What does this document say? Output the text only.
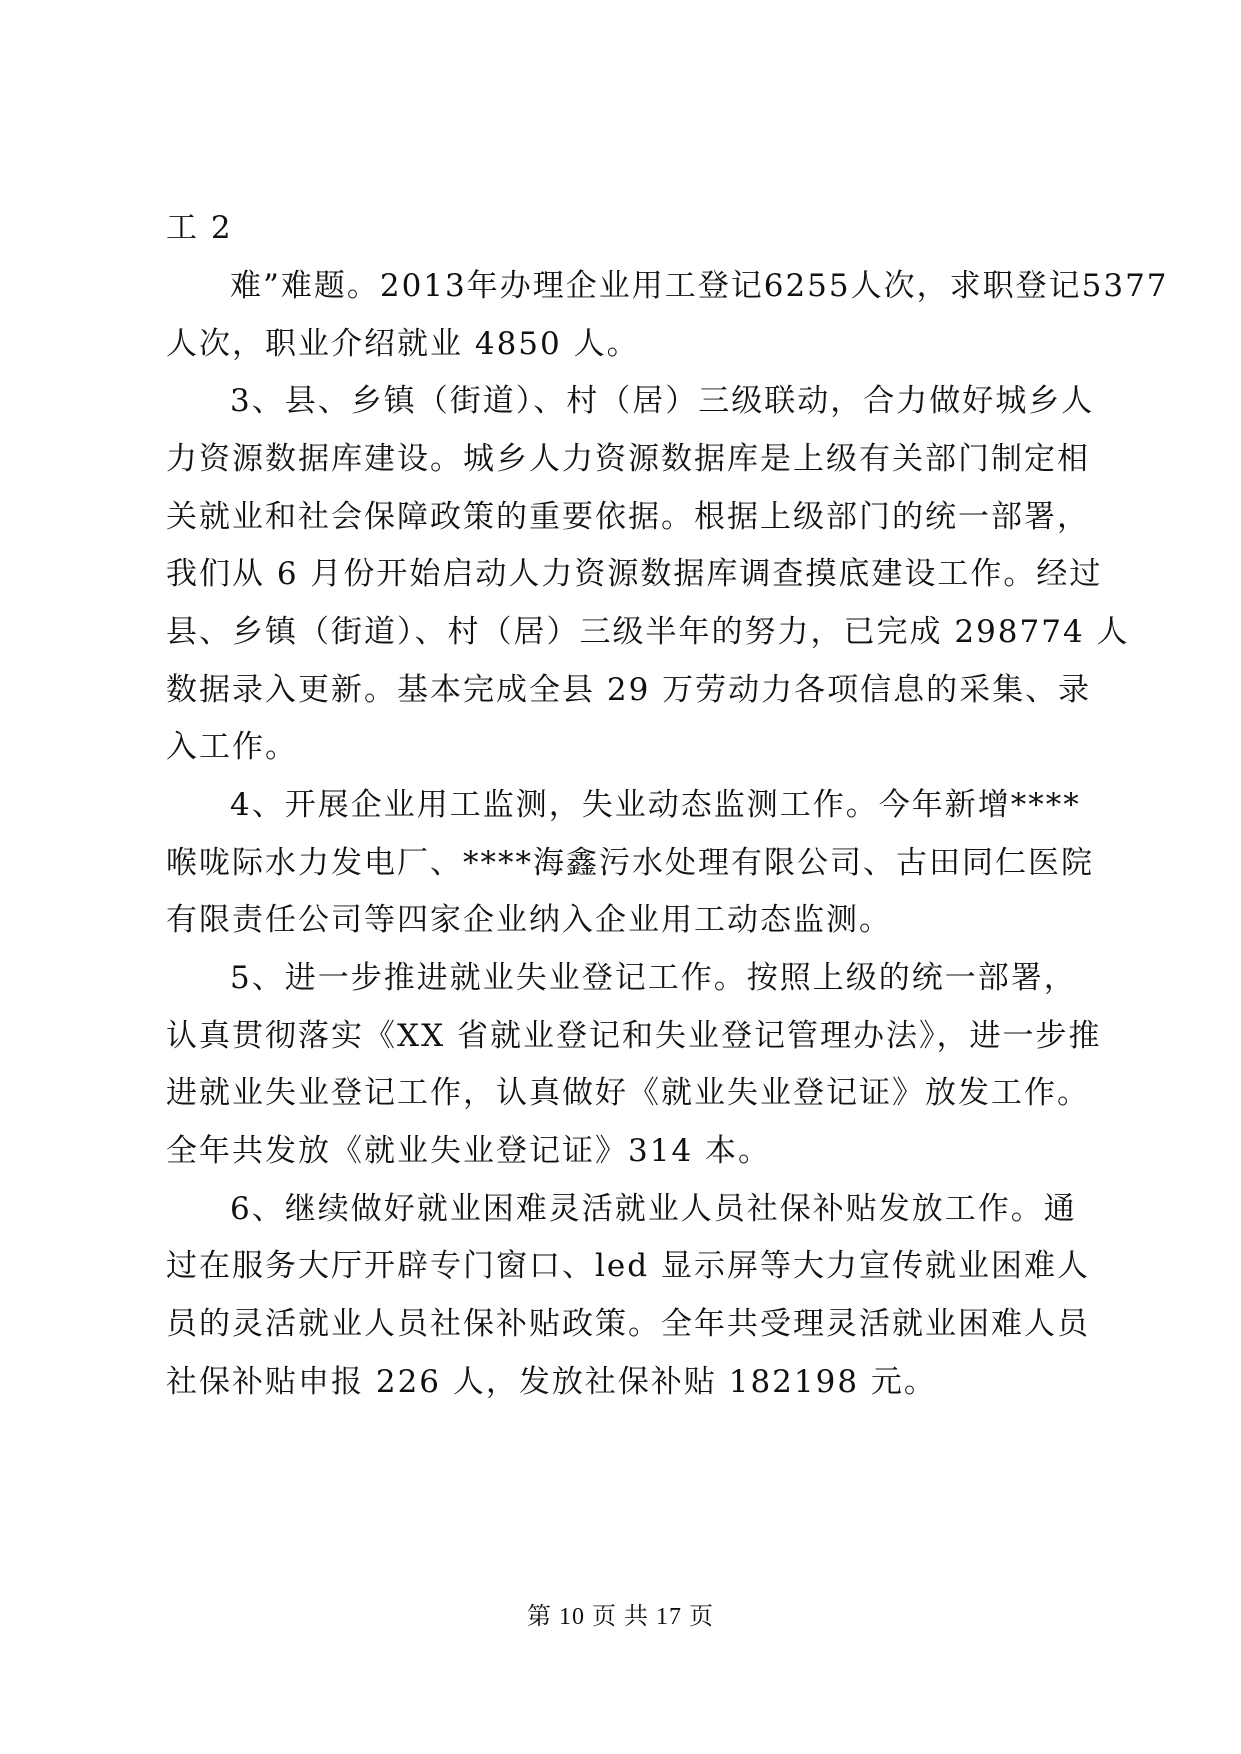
工 2
难”难题。2013年办理企业用工登记6255人次，求职登记5377
人次，职业介绍就业 4850 人。
3、县、乡镇（街道）、村（居）三级联动，合力做好城乡人
力资源数据库建设。城乡人力资源数据库是上级有关部门制定相
关就业和社会保障政策的重要依据。根据上级部门的统一部署，
我们从 6 月份开始启动人力资源数据库调查摸底建设工作。经过
县、乡镇（街道）、村（居）三级半年的努力，已完成 298774 人
数据录入更新。基本完成全县 29 万劳动力各项信息的采集、录
入工作。
4、开展企业用工监测，失业动态监测工作。今年新增****
喉咙际水力发电厂、****海鑫污水处理有限公司、古田同仁医院
有限责任公司等四家企业纳入企业用工动态监测。
5、进一步推进就业失业登记工作。按照上级的统一部署，
认真贯彻落实《XX 省就业登记和失业登记管理办法》，进一步推
进就业失业登记工作，认真做好《就业失业登记证》放发工作。
全年共发放《就业失业登记证》314 本。
6、继续做好就业困难灵活就业人员社保补贴发放工作。通
过在服务大厅开辟专门窗口、led 显示屏等大力宣传就业困难人
员的灵活就业人员社保补贴政策。全年共受理灵活就业困难人员
社保补贴申报 226 人，发放社保补贴 182198 元。
第 10 页 共 17 页
